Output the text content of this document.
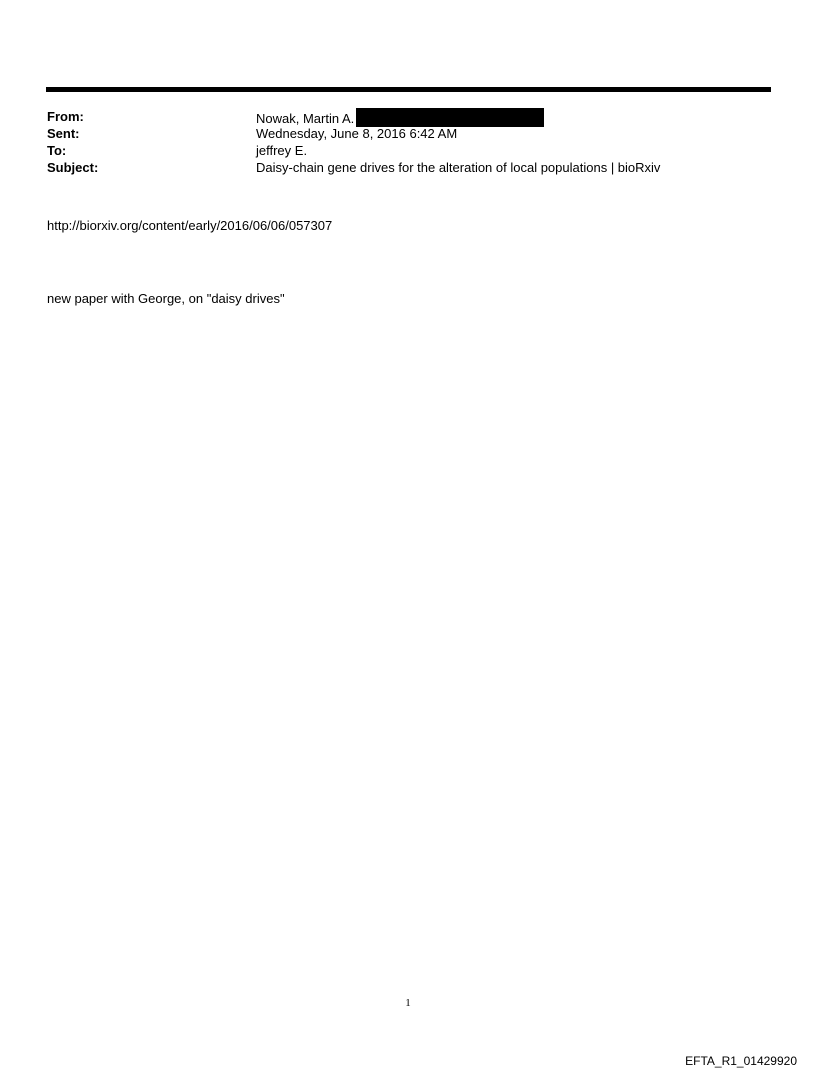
From:	Nowak, Martin A.
Sent:	Wednesday, June 8, 2016 6:42 AM
To:	jeffrey E.
Subject:	Daisy-chain gene drives for the alteration of local populations | bioRxiv
http://biorxiv.org/content/early/2016/06/06/057307
new paper with George, on "daisy drives"
1
EFTA_R1_01429920
